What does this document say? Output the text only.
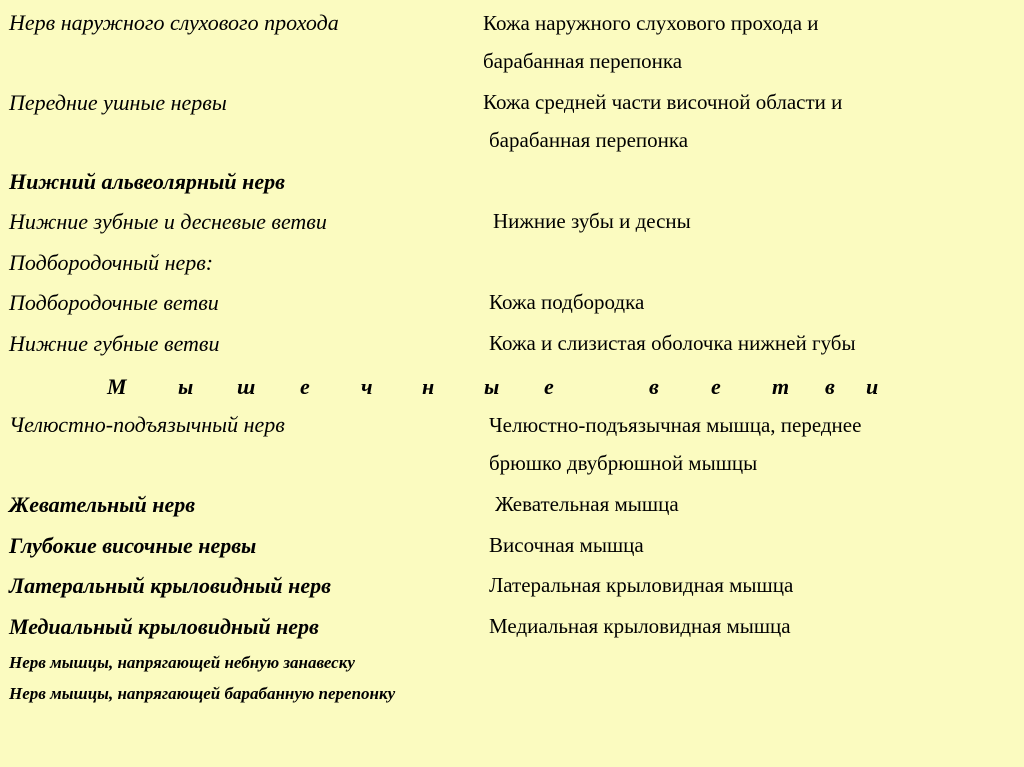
Нерв наружного слухового прохода	Кожа наружного слухового прохода и
барабанная перепонка
Передние ушные нервы	Кожа средней части височной области и
барабанная перепонка
Нижний альвеолярный нерв
Нижние зубные и десневые ветви	Нижние зубы и десны
Подбородочный нерв:
Подбородочные ветви	Кожа подбородка
Нижние губные ветви	Кожа и слизистая оболочка нижней губы
М ы ш е ч н ы е	в е т в и
Челюстно-подъязычный нерв	Челюстно-подъязычная мышца, переднее
брюшко двубрюшной мышцы
Жевательный нерв	Жевательная мышца
Глубокие височные нервы	Височная мышца
Латеральный крыловидный нерв	Латеральная крыловидная мышца
Медиальный крыловидный нерв	Медиальная крыловидная мышца
Нерв мышцы, напрягающей небную занавеску
Нерв мышцы, напрягающей барабанную перепонку
